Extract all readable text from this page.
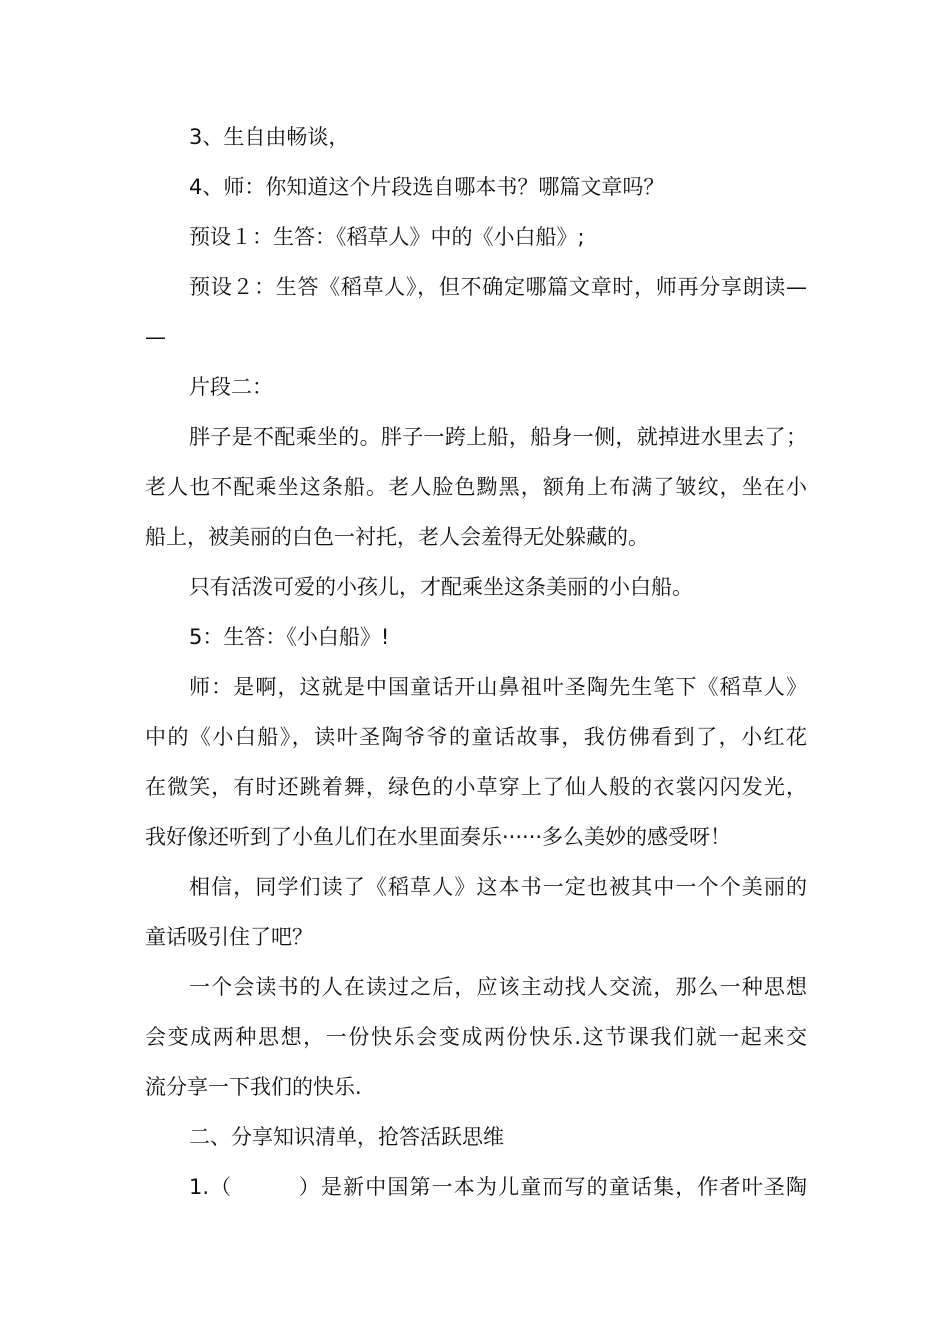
3、生自由畅谈，
4、师：你知道这个片段选自哪本书？哪篇文章吗？
预设１：生答：《稻草人》中的《小白船》;
预设２：生答《稻草人》，但不确定哪篇文章时，师再分享朗读—
—
片段二：
胖子是不配乘坐的。胖子一跨上船，船身一侧，就掉进水里去了；
老人也不配乘坐这条船。老人脸色黝黑，额角上布满了皱纹，坐在小
船上，被美丽的白色一衬托，老人会羞得无处躲藏的。
只有活泼可爱的小孩儿，才配乘坐这条美丽的小白船。
5：生答：《小白船》!
师：是啊，这就是中国童话开山鼻祖叶圣陶先生笔下《稻草人》
中的《小白船》，读叶圣陶爷爷的童话故事，我仿佛看到了，小红花
在微笑，有时还跳着舞，绿色的小草穿上了仙人般的衣裳闪闪发光，
我好像还听到了小鱼儿们在水里面奏乐······多么美妙的感受呀！
相信，同学们读了《稻草人》这本书一定也被其中一个个美丽的
童话吸引住了吧？
一个会读书的人在读过之后，应该主动找人交流，那么一种思想
会变成两种思想，一份快乐会变成两份快乐.这节课我们就一起来交
流分享一下我们的快乐.
二、分享知识清单，抢答活跃思维
1.（　　　）是新中国第一本为儿童而写的童话集，作者叶圣陶
